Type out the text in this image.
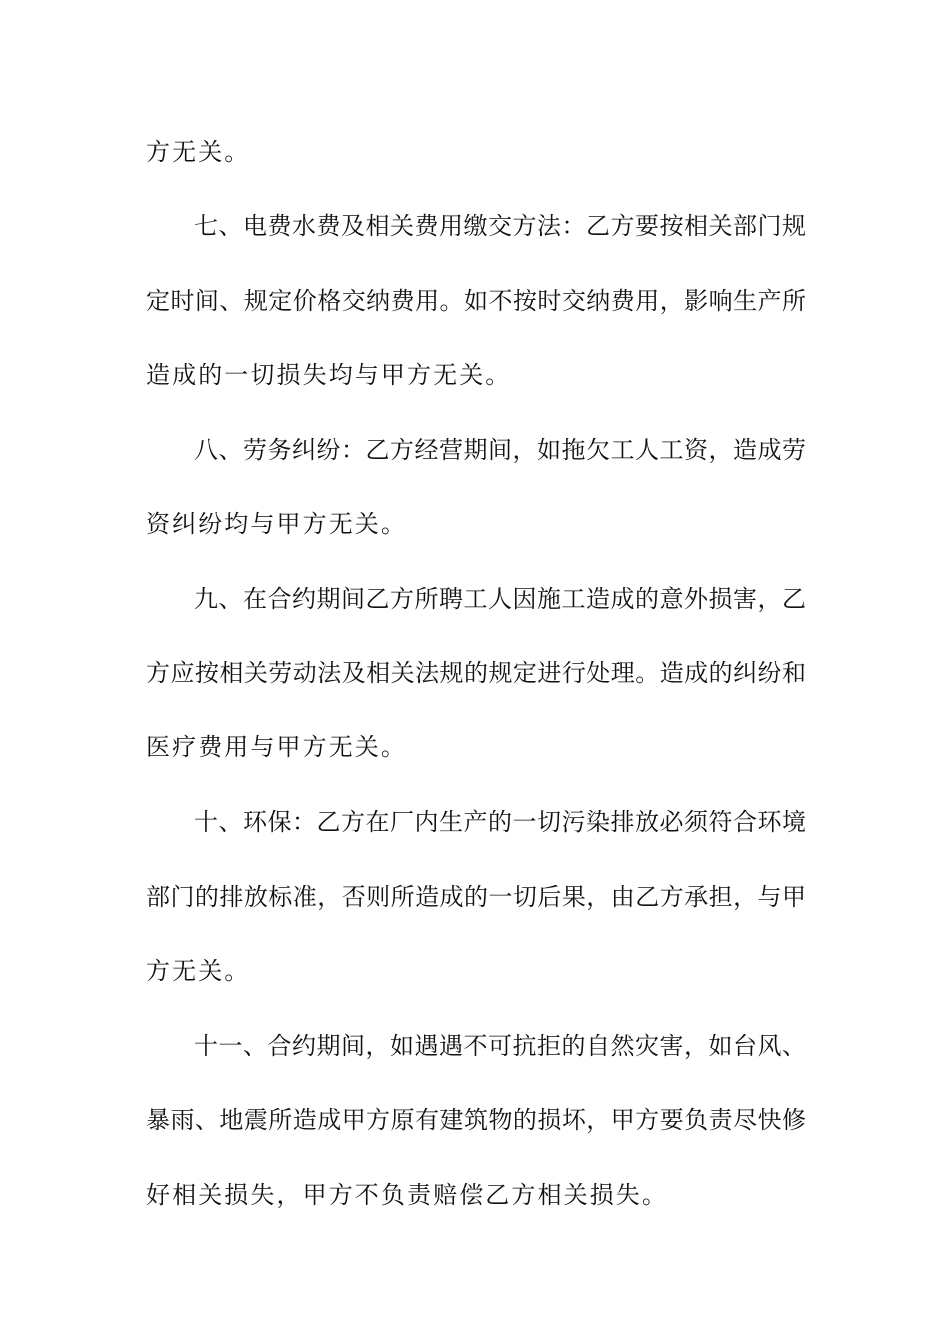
方无关。
七、电费水费及相关费用缴交方法：乙方要按相关部门规
定时间、规定价格交纳费用。如不按时交纳费用，影响生产所
造成的一切损失均与甲方无关。
八、劳务纠纷：乙方经营期间，如拖欠工人工资，造成劳
资纠纷均与甲方无关。
九、在合约期间乙方所聘工人因施工造成的意外损害，乙
方应按相关劳动法及相关法规的规定进行处理。造成的纠纷和
医疗费用与甲方无关。
十、环保：乙方在厂内生产的一切污染排放必须符合环境
部门的排放标准，否则所造成的一切后果，由乙方承担，与甲
方无关。
十一、合约期间，如遇遇不可抗拒的自然灾害，如台风、
暴雨、地震所造成甲方原有建筑物的损坏，甲方要负责尽快修
好相关损失，甲方不负责赔偿乙方相关损失。
